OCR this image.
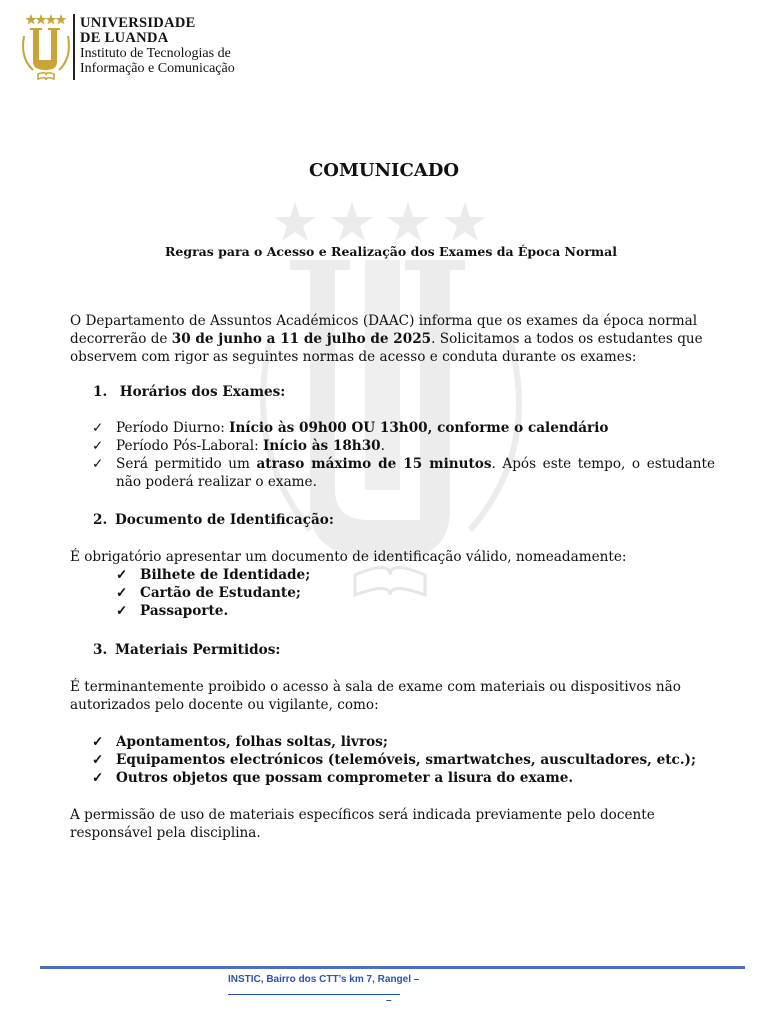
UNIVERSIDADE
DE LUANDA
Instituto de Tecnologias de
Informação e Comunicação
COMUNICADO
Regras para o Acesso e Realização dos Exames da Época Normal

O Departamento de Assuntos Académicos (DAAC) informa que os exames da época normal decorrerão de 30 de junho a 11 de julho de 2025. Solicitamos a todos os estudantes que observem com rigor as seguintes normas de acesso e conduta durante os exames:

1. Horários dos Exames:

✓ Período Diurno: Início às 09h00 OU 13h00, conforme o calendário
✓ Período Pós-Laboral: Início às 18h30.
✓ Será permitido um atraso máximo de 15 minutos. Após este tempo, o estudante não poderá realizar o exame.

2. Documento de Identificação:

É obrigatório apresentar um documento de identificação válido, nomeadamente:

✓ Bilhete de Identidade;
✓ Cartão de Estudante;
✓ Passaporte.

3. Materiais Permitidos:

É terminantemente proibido o acesso à sala de exame com materiais ou dispositivos não autorizados pelo docente ou vigilante, como:

✓ Apontamentos, folhas soltas, livros;
✓ Equipamentos electrónicos (telemóveis, smartwatches, auscultadores, etc.);
✓ Outros objetos que possam comprometer a lisura do exame.

A permissão de uso de materiais específicos será indicada previamente pelo docente responsável pela disciplina.

INSTIC, Bairro dos CTT’s km 7, Rangel –
–
